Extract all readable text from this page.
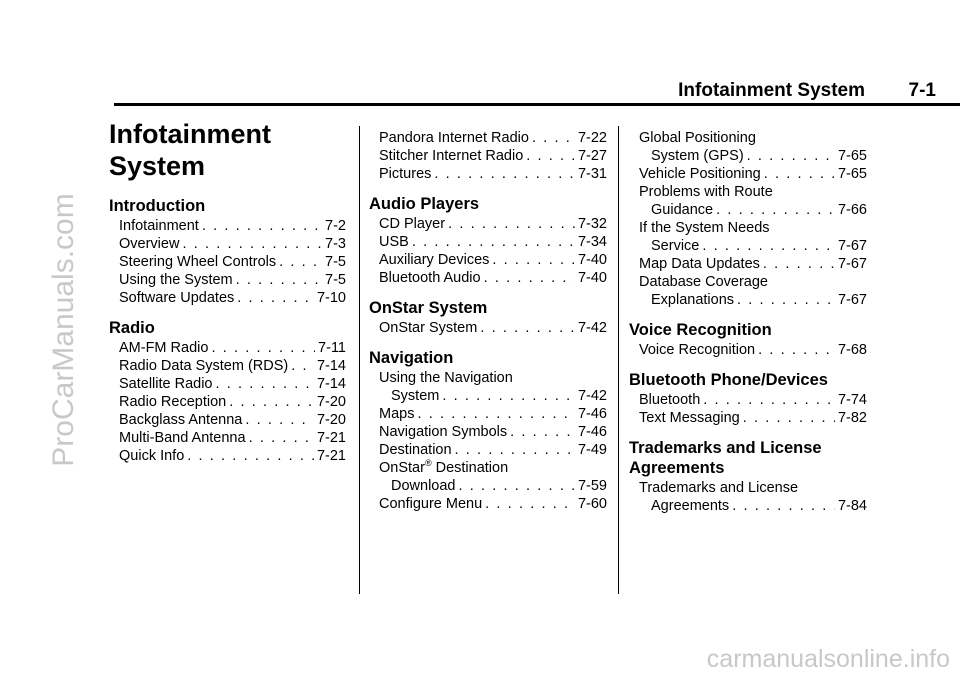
Infotainment System 7-1
ProCarManuals.com
carmanualsonline.info
Infotainment
System
Introduction
Infotainment . . .	7-2
Overview . . .	7-3
Steering Wheel Controls . . .	7-5
Using the System . . .	7-5
Software Updates . . .	7-10
Radio
AM-FM Radio . . .	7-11
Radio Data System (RDS) . . . 7-14
Satellite Radio . . .	7-14
Radio Reception . . .	7-20
Backglass Antenna . . .	7-20
Multi-Band Antenna . . .	7-21
Quick Info . . .	7-21
Pandora Internet Radio . . .	7-22
Stitcher Internet Radio . . .	7-27
Pictures . . .	7-31
Audio Players
CD Player . . .	7-32
USB . . .	7-34
Auxiliary Devices . . .	7-40
Bluetooth Audio . . .	7-40
OnStar System
OnStar System . . .	7-42
Navigation
Using the Navigation
System . . .	7-42
Maps . . .	7-46
Navigation Symbols . . .	7-46
Destination . . .	7-49
OnStar® Destination
Download . . .	7-59
Configure Menu . . .	7-60
Global Positioning
System (GPS) . . .	7-65
Vehicle Positioning . . .	7-65
Problems with Route
Guidance . . .	7-66
If the System Needs
Service . . .	7-67
Map Data Updates . . .	7-67
Database Coverage
Explanations . . .	7-67
Voice Recognition
Voice Recognition . . .	7-68
Bluetooth Phone/Devices
Bluetooth . . .	7-74
Text Messaging . . .	7-82
Trademarks and License
Agreements
Trademarks and License
Agreements . . .	7-84
